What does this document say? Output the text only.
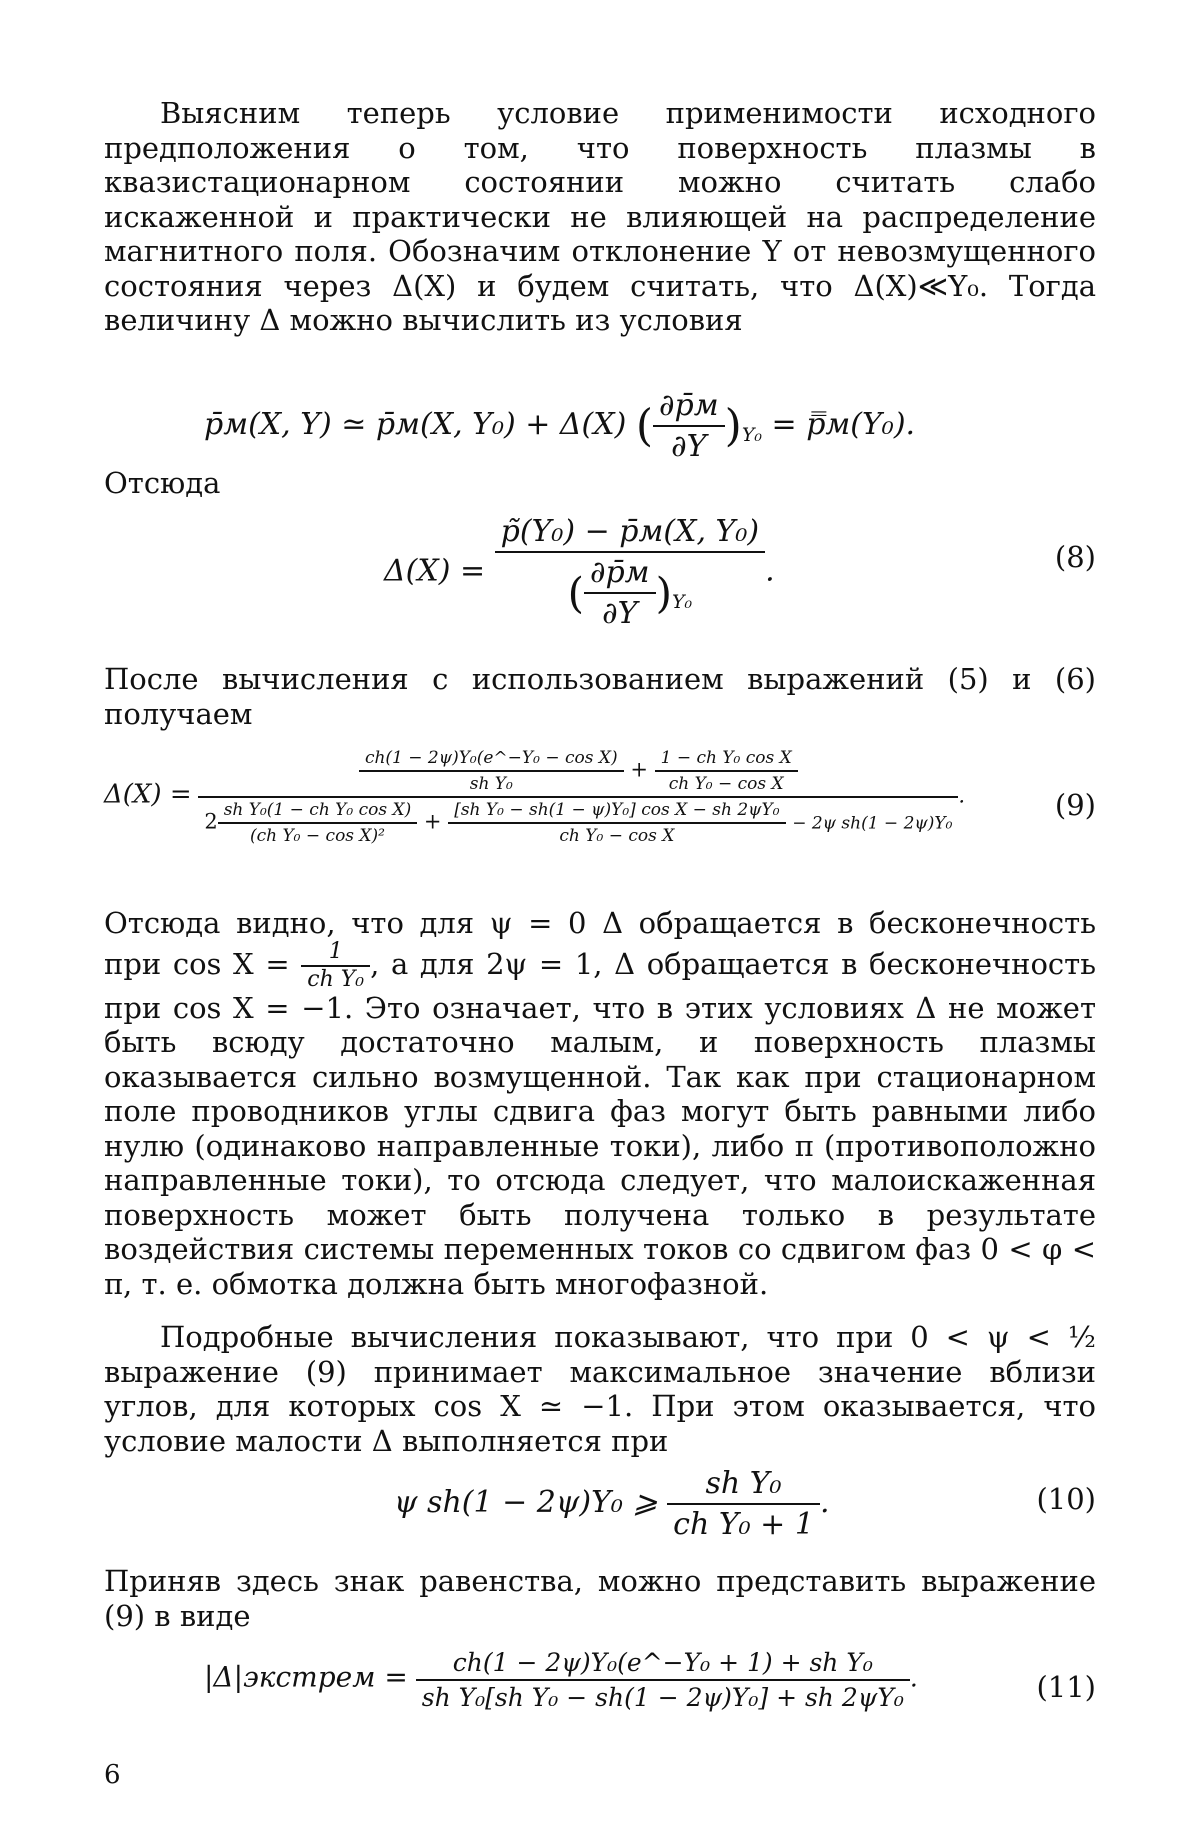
Выясним теперь условие применимости исходного предположения о том, что поверхность плазмы в квазистационарном состоянии можно считать слабо искаженной и практически не влияющей на распределение магнитного поля. Обозначим отклонение Y от невозмущенного состояния через Δ(X) и будем считать, что Δ(X)≪Y₀. Тогда величину Δ можно вычислить из условия
p̄м(X, Y) ≃ p̄м(X, Y₀) + Δ(X) ( $\frac{\partial p̄м}{\partial Y} )_{Y_0}$ = p̿м(Y₀).
Отсюда
$\Delta(X) = \frac{\text{p̃(Y₀) − p̄м(X, Y₀)}}{( \frac{\partial p̄м}{\partial Y} )_{Y_0}}$ .	(8)
После вычисления с использованием выражений (5) и (6) получаем
Δ(X) =
$\frac{\text{ch(1 − 2ψ)Y₀(e\textasciicircum{}−Y₀ − cos X)}}{\text{sh Y₀}} + \frac{\text{1 − ch Y₀ cos X}}{\text{ch Y₀ − cos X}}$
$2 \frac{\text{sh Y₀(1 − ch Y₀ cos X)}}{\text{(ch Y₀ − cos X)²}} + \frac{\text{[sh Y₀ − sh(1 − ψ)Y₀] cos X − sh 2ψY₀}}{\text{ch Y₀ − cos X}} - 2\psi$ sh(1 − 2ψ)Y₀
.	(9)
Отсюда видно, что для ψ = 0 Δ обращается в бесконечность при $\cos X = \frac{1}{\text{ch Y₀}}$ , а для 2ψ = 1, Δ обращается в бесконечность при cos X = −1. Это означает, что в этих условиях Δ не может быть всюду достаточно малым, и поверхность плазмы оказывается сильно возмущенной. Так как при стационарном поле проводников углы сдвига фаз могут быть равными либо нулю (одинаково направленные токи), либо π (противоположно направленные токи), то отсюда следует, что малоискаженная поверхность может быть получена только в результате воздействия системы переменных токов со сдвигом фаз 0 < φ < π, т. е. обмотка должна быть многофазной.
Подробные вычисления показывают, что при 0 < ψ < ½ выражение (9) принимает максимальное значение вблизи углов, для которых cos X ≃ −1. При этом оказывается, что условие малости Δ выполняется при
ψ sh(1 − 2ψ)Y₀ ⩾ $\frac{\text{sh Y₀}}{\text{ch Y₀ + 1}}$ .	(10)
Приняв здесь знак равенства, можно представить выражение (9) в виде
|Δ|экстрем = $\frac{\text{ch(1 − 2ψ)Y₀(e\textasciicircum{}−Y₀ + 1) + sh Y₀}}{\text{sh Y₀[sh Y₀ − sh(1 − 2ψ)Y₀] + sh 2ψY₀}}$ .	(11)
6
